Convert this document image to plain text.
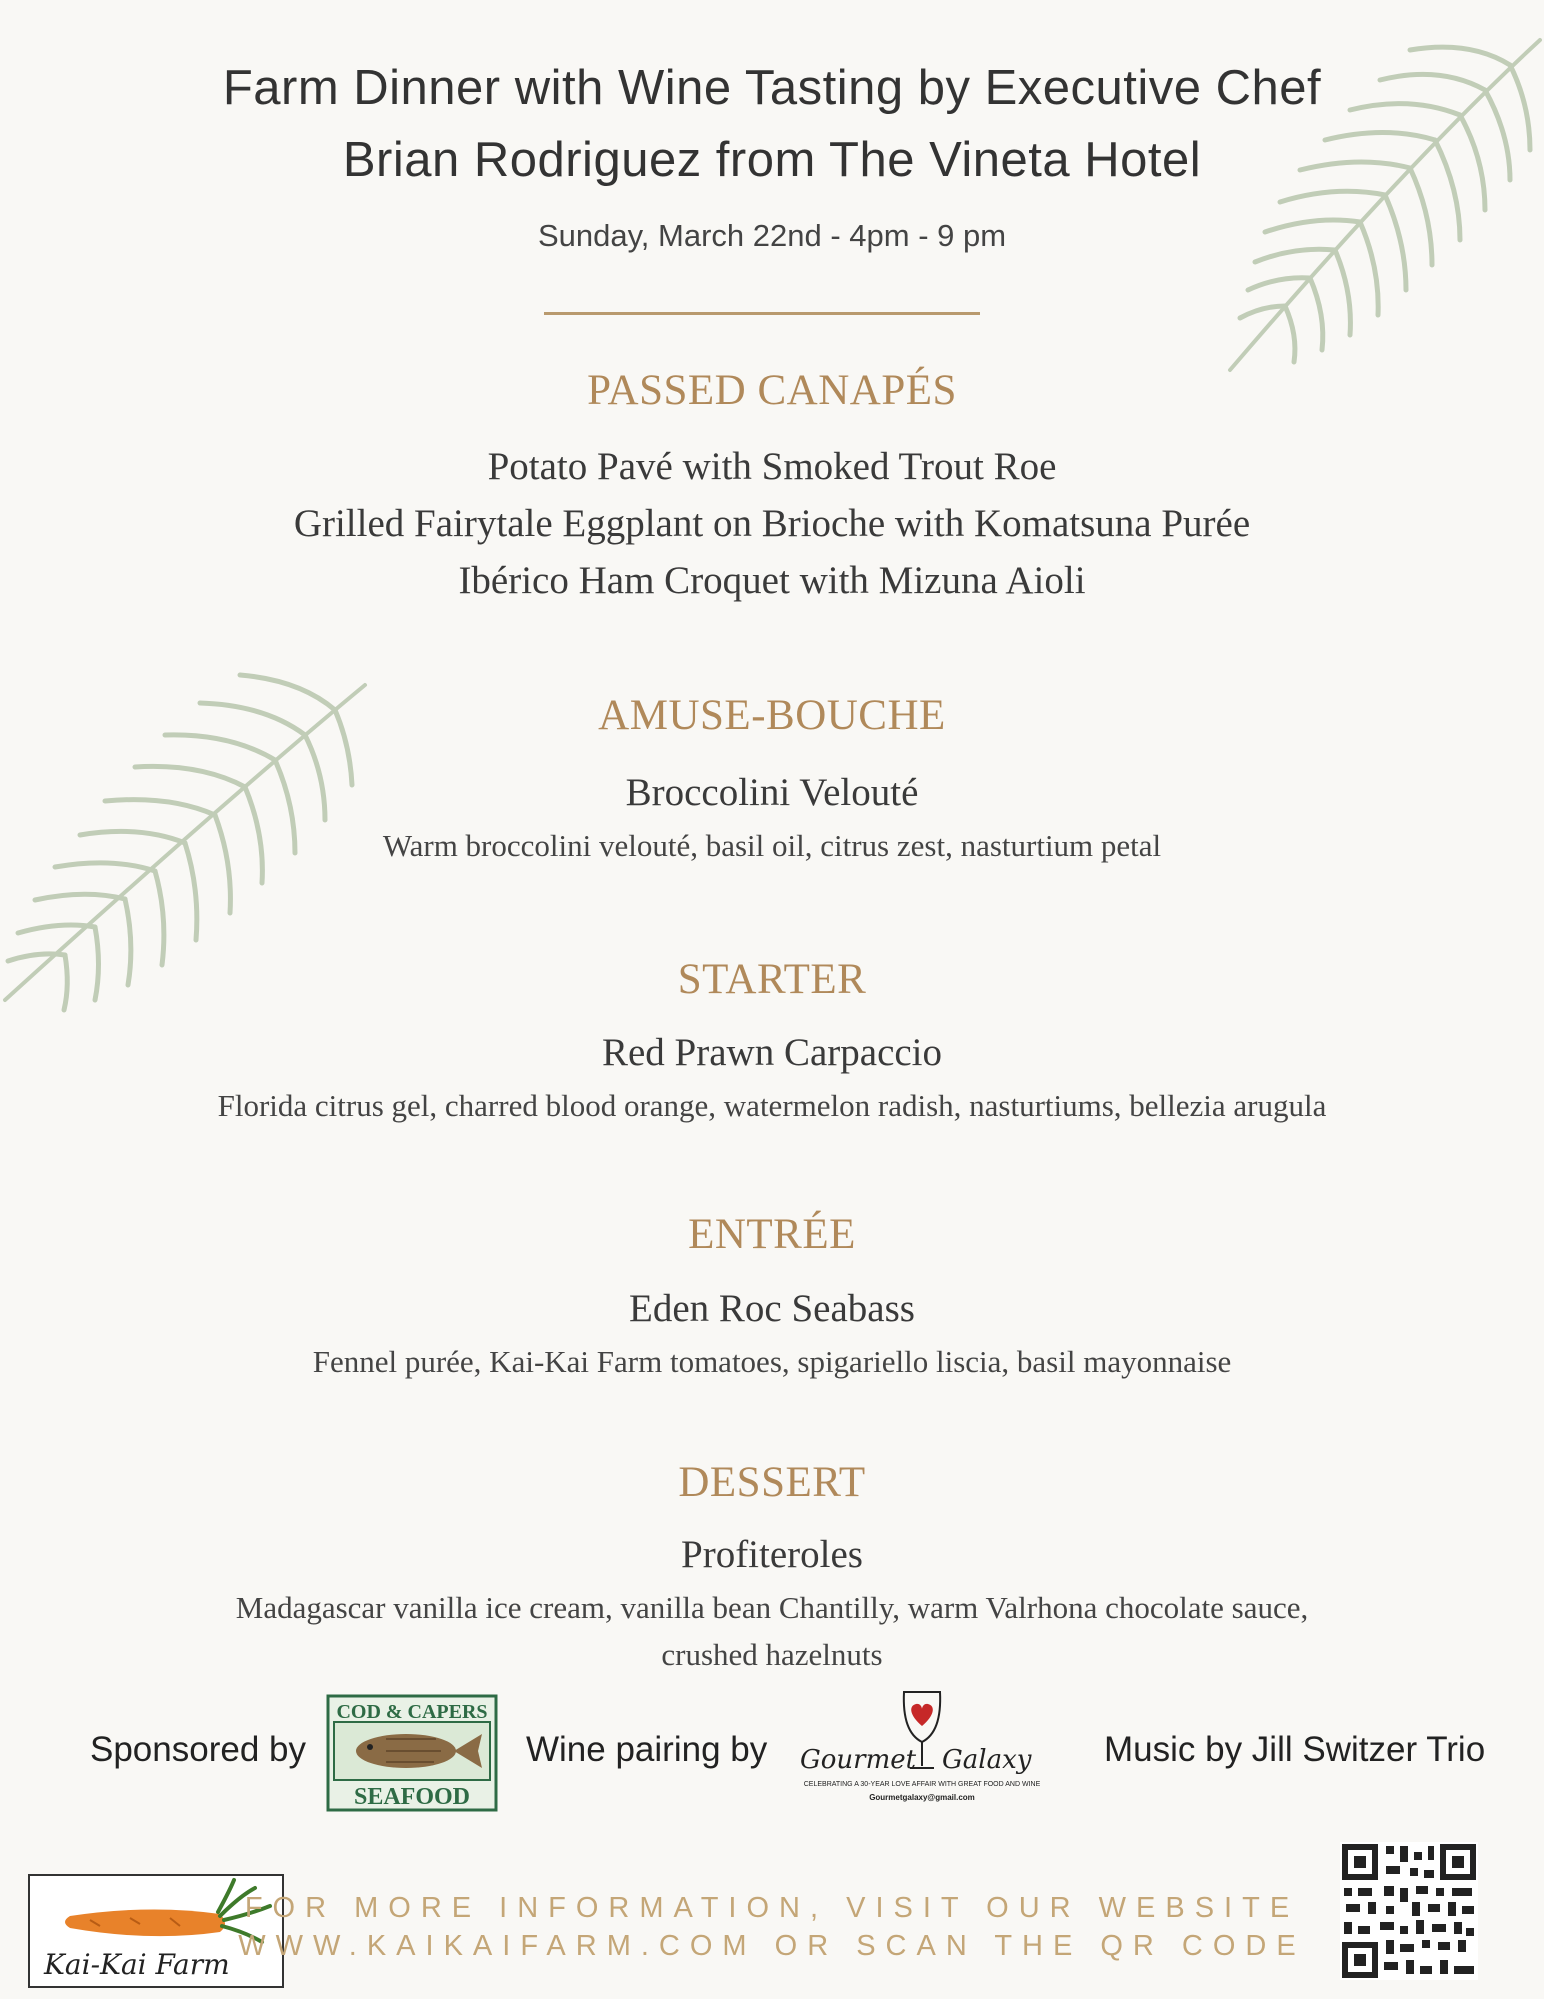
Farm Dinner with Wine Tasting by Executive Chef
Brian Rodriguez from The Vineta Hotel
Sunday, March 22nd - 4pm - 9 pm
PASSED CANAPÉS
Potato Pavé with Smoked Trout Roe
Grilled Fairytale Eggplant on Brioche with Komatsuna Purée
Ibérico Ham Croquet with Mizuna Aioli
AMUSE-BOUCHE
Broccolini Velouté
Warm broccolini velouté, basil oil, citrus zest, nasturtium petal
STARTER
Red Prawn Carpaccio
Florida citrus gel, charred blood orange, watermelon radish, nasturtiums, bellezia arugula
ENTRÉE
Eden Roc Seabass
Fennel purée, Kai-Kai Farm tomatoes, spigariello liscia, basil mayonnaise
DESSERT
Profiteroles
Madagascar vanilla ice cream, vanilla bean Chantilly, warm Valrhona chocolate sauce,
crushed hazelnuts
Sponsored by
COD & CAPERS
SEAFOOD
Wine pairing by Gourmet Galaxy
CELEBRATING A 30-YEAR LOVE AFFAIR WITH GREAT FOOD AND WINE
Gourmetgalaxy@gmail.com
Music by Jill Switzer Trio
Kai-Kai Farm
FOR MORE INFORMATION, VISIT OUR WEBSITE
WWW.KAIKAIFARM.COM OR SCAN THE QR CODE
